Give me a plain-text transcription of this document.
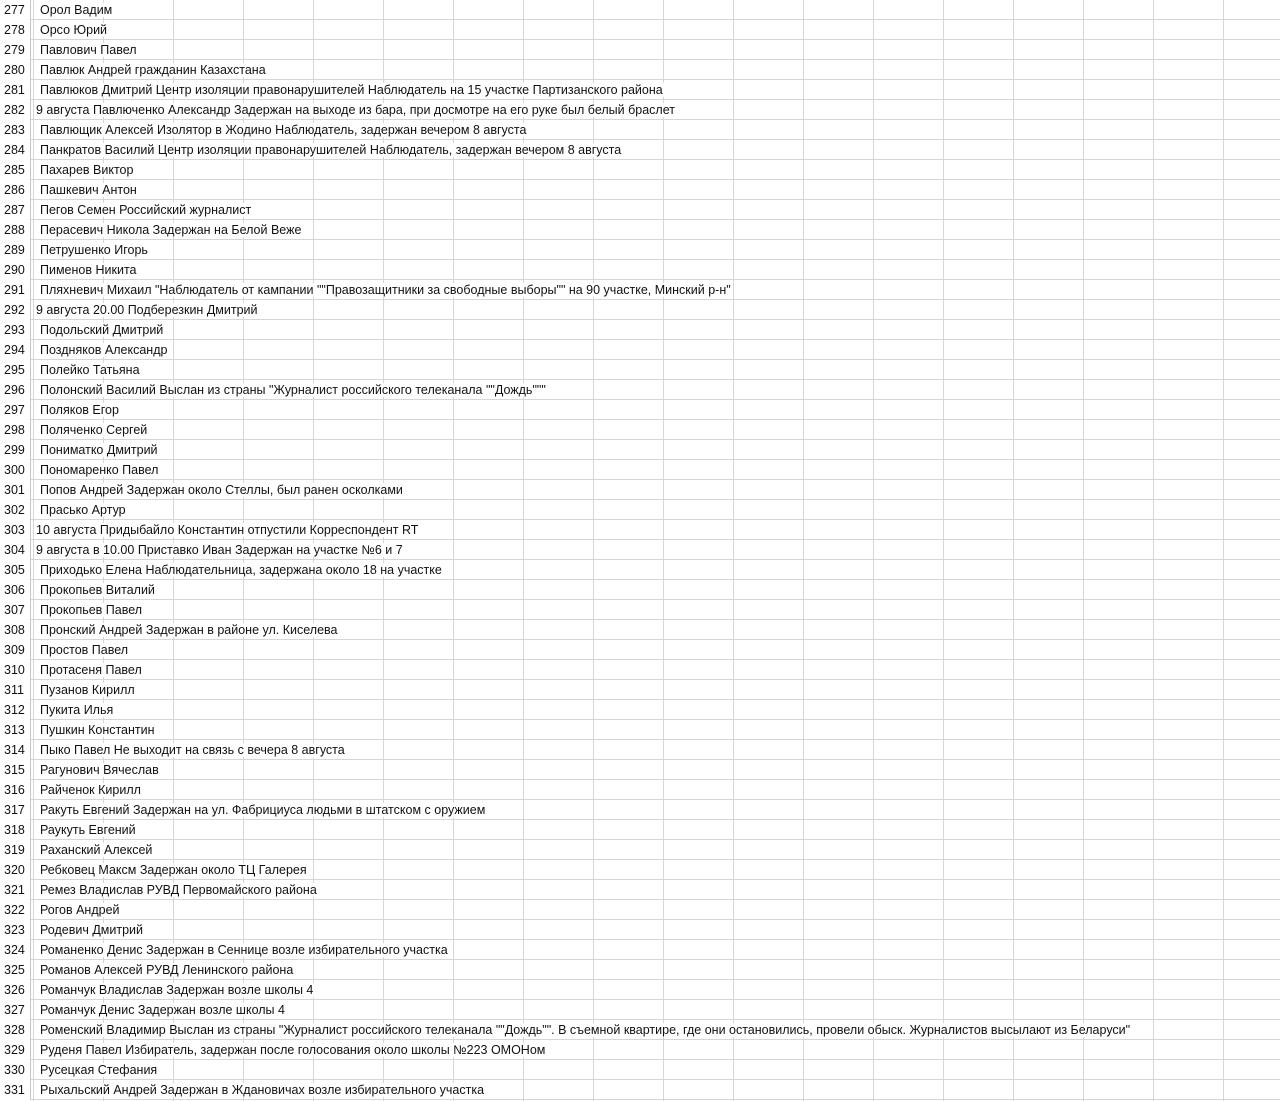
277	Орол Вадим
278	Орсо Юрий
279	Павлович Павел
280	Павлюк Андрей гражданин Казахстана
281	Павлюков Дмитрий Центр изоляции правонарушителей Наблюдатель на 15 участке Партизанского района
282 9 августа Павлюченко Александр Задержан на выходе из бара, при досмотре на его руке был белый браслет
283	Павлющик Алексей Изолятор в Жодино Наблюдатель, задержан вечером 8 августа
284	Панкратов Василий Центр изоляции правонарушителей Наблюдатель, задержан вечером 8 августа
285	Пахарев Виктор
286	Пашкевич Антон
287	Пегов Семен Российский журналист
288	Перасевич Никола Задержан на Белой Веже
289	Петрушенко Игорь
290	Пименов Никита
291	Пляхневич Михаил "Наблюдатель от кампании ""Правозащитники за свободные выборы"" на 90 участке, Минский р-н"
292 9 августа 20.00 Подберезкин Дмитрий
293	Подольский Дмитрий
294	Поздняков Александр
295	Полейко Татьяна
296	Полонский Василий Выслан из страны "Журналист российского телеканала ""Дождь"""
297	Поляков Егор
298	Поляченко Сергей
299	Пониматко Дмитрий
300	Пономаренко Павел
301	Попов Андрей Задержан около Стеллы, был ранен осколками
302	Прасько Артур
303 10 августа Придыбайло Константин отпустили Корреспондент RT
304 9 августа в 10.00 Приставко Иван Задержан на участке №6 и 7
305	Приходько Елена Наблюдательница, задержана около 18 на участке
306	Прокопьев Виталий
307	Прокопьев Павел
308	Пронский Андрей Задержан в районе ул. Киселева
309	Простов Павел
310	Протасеня Павел
311	Пузанов Кирилл
312	Пукита Илья
313	Пушкин Константин
314	Пыко Павел Не выходит на связь с вечера 8 августа
315	Рагунович Вячеслав
316	Райченок Кирилл
317	Ракуть Евгений Задержан на ул. Фабрициуса людьми в штатском с оружием
318	Раукуть Евгений
319	Раханский Алексей
320	Ребковец Максм Задержан около ТЦ Галерея
321	Ремез Владислав РУВД Первомайского района
322	Рогов Андрей
323	Родевич Дмитрий
324	Романенко Денис Задержан в Сеннице возле избирательного участка
325	Романов Алексей РУВД Ленинского района
326	Романчук Владислав Задержан возле школы 4
327	Романчук Денис Задержан возле школы 4
328	Роменский Владимир Выслан из страны "Журналист российского телеканала ""Дождь"". В съемной квартире, где они остановились, провели обыск. Журналистов высылают из Беларуси"
329	Руденя Павел Избиратель, задержан после голосования около школы №223 ОМОНом
330	Русецкая Стефания
331	Рыхальский Андрей Задержан в Ждановичах возле избирательного участка
